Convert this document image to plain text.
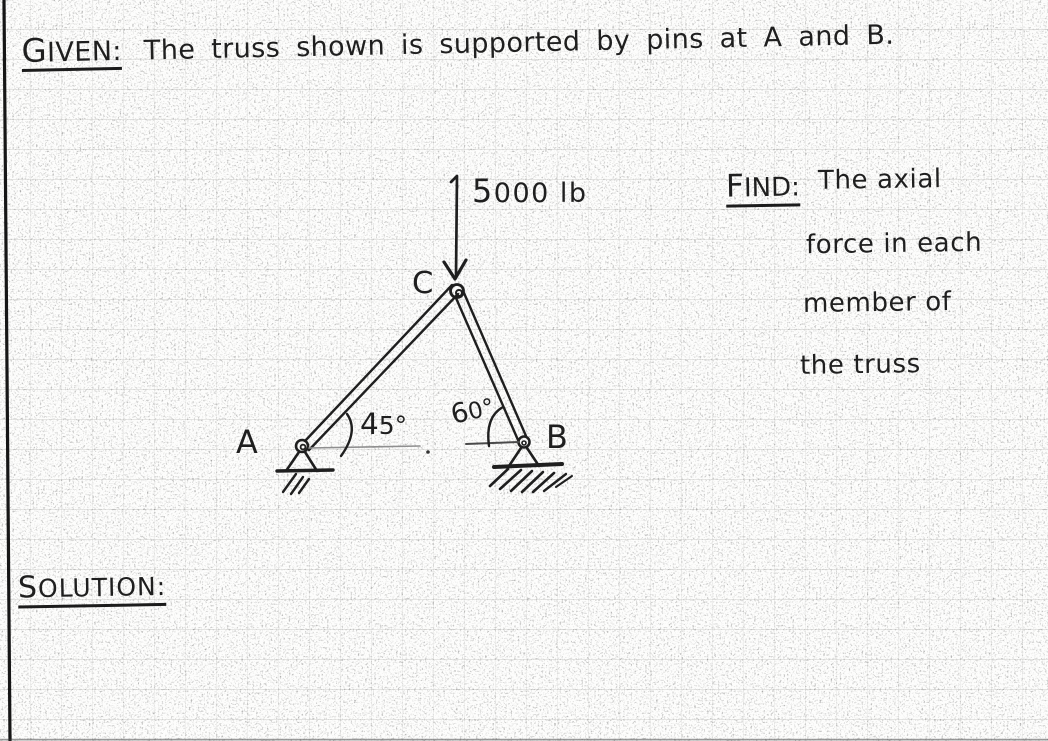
GIVEN: The truss shown is supported by pins at A and B.
5000 lb
A	B
C
45° 60°
FIND: The axial
force in each
member of
the truss
SOLUTION:
